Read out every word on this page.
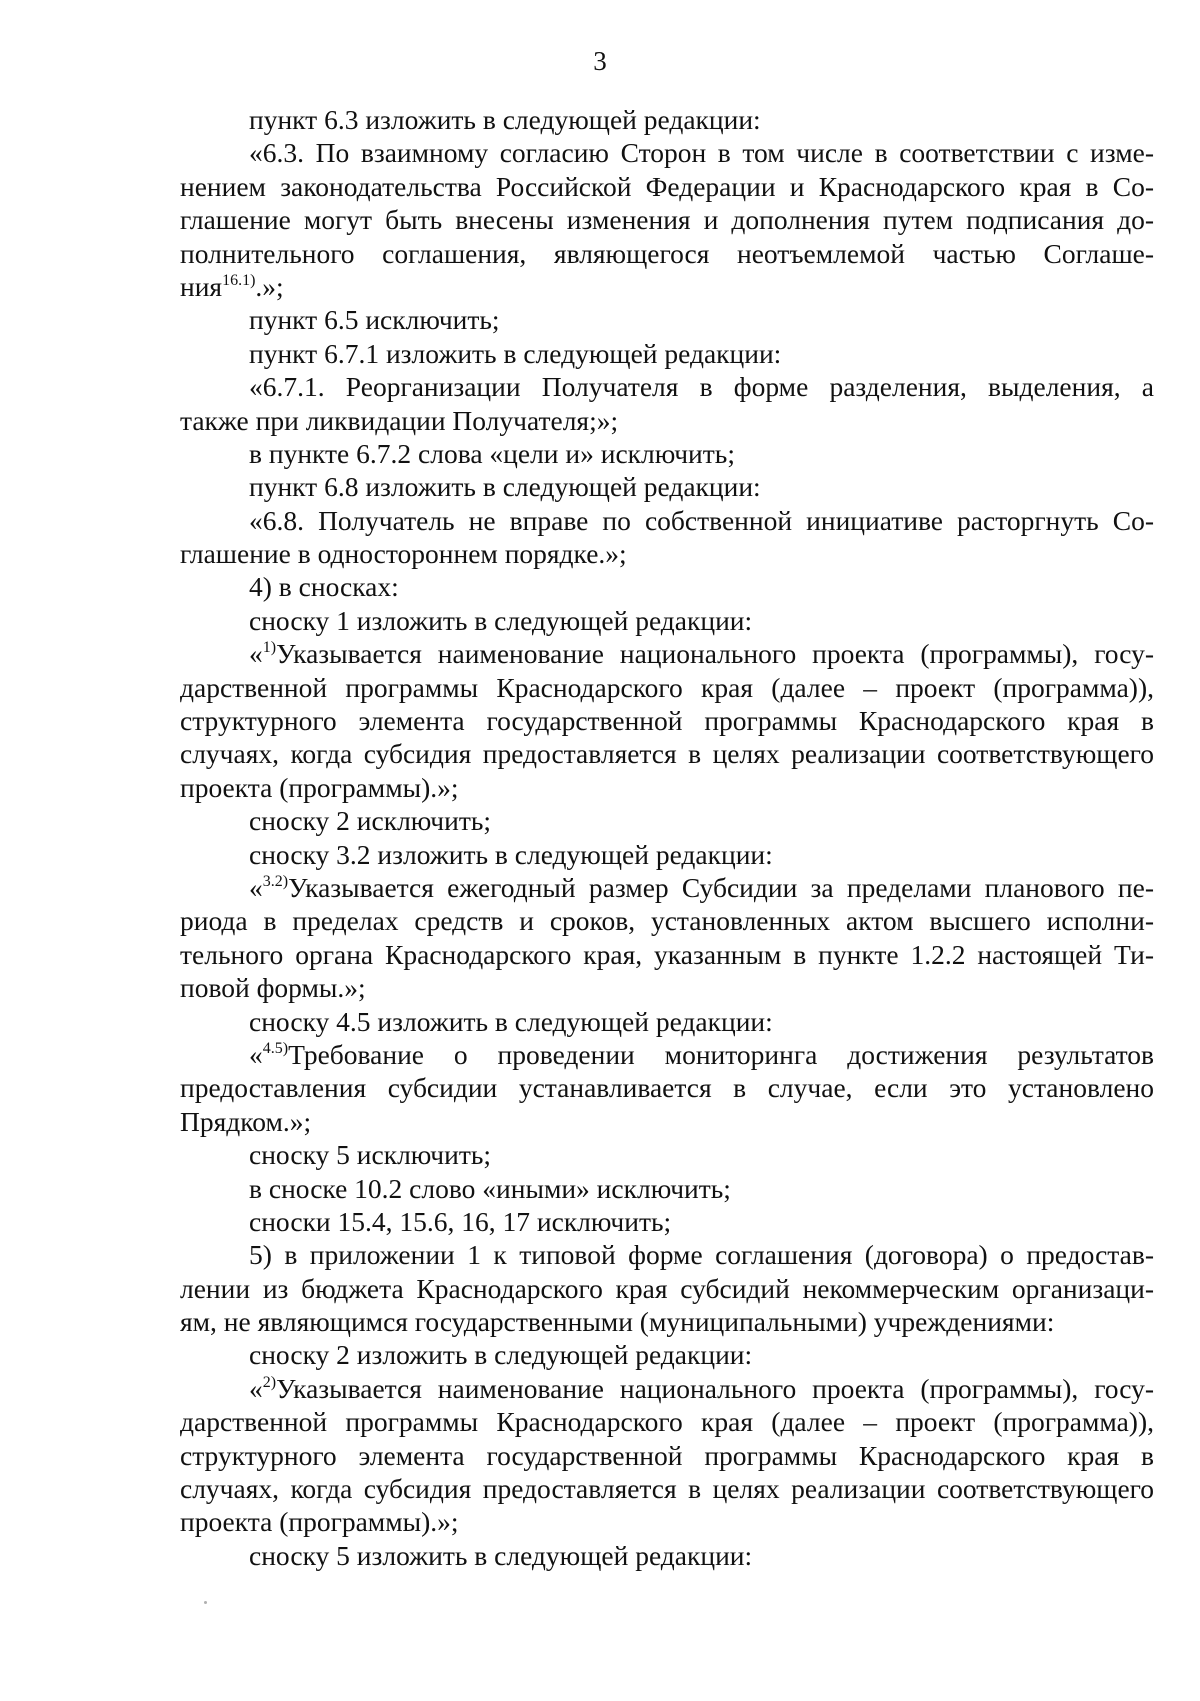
3
пункт 6.3 изложить в следующей редакции:
«6.3. По взаимному согласию Сторон в том числе в соответствии с изме-
нением законодательства Российской Федерации и Краснодарского края в Со-
глашение могут быть внесены изменения и дополнения путем подписания до-
полнительного соглашения, являющегося неотъемлемой частью Соглаше-
ния$^{16.1)}$.»;
пункт 6.5 исключить;
пункт 6.7.1 изложить в следующей редакции:
«6.7.1. Реорганизации Получателя в форме разделения, выделения, а
также при ликвидации Получателя;»;
в пункте 6.7.2 слова «цели и» исключить;
пункт 6.8 изложить в следующей редакции:
«6.8. Получатель не вправе по собственной инициативе расторгнуть Со-
глашение в одностороннем порядке.»;
4) в сносках:
сноску 1 изложить в следующей редакции:
«$^{1)}$Указывается наименование национального проекта (программы), госу-
дарственной программы Краснодарского края (далее – проект (программа)),
структурного элемента государственной программы Краснодарского края в
случаях, когда субсидия предоставляется в целях реализации соответствующего
проекта (программы).»;
сноску 2 исключить;
сноску 3.2 изложить в следующей редакции:
«$^{3.2)}$Указывается ежегодный размер Субсидии за пределами планового пе-
риода в пределах средств и сроков, установленных актом высшего исполни-
тельного органа Краснодарского края, указанным в пункте 1.2.2 настоящей Ти-
повой формы.»;
сноску 4.5 изложить в следующей редакции:
«$^{4.5)}$Требование о проведении мониторинга достижения результатов
предоставления субсидии устанавливается в случае, если это установлено
Прядком.»;
сноску 5 исключить;
в сноске 10.2 слово «иными» исключить;
сноски 15.4, 15.6, 16, 17 исключить;
5) в приложении 1 к типовой форме соглашения (договора) о предостав-
лении из бюджета Краснодарского края субсидий некоммерческим организаци-
ям, не являющимся государственными (муниципальными) учреждениями:
сноску 2 изложить в следующей редакции:
«$^{2)}$Указывается наименование национального проекта (программы), госу-
дарственной программы Краснодарского края (далее – проект (программа)),
структурного элемента государственной программы Краснодарского края в
случаях, когда субсидия предоставляется в целях реализации соответствующего
проекта (программы).»;
сноску 5 изложить в следующей редакции:
